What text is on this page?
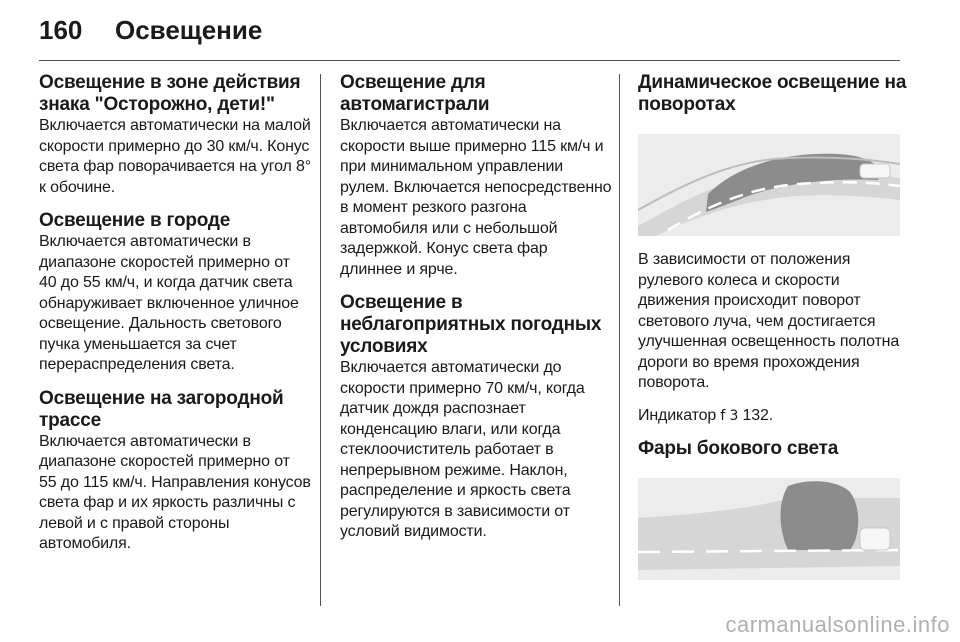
160	Освещение
Освещение в зоне действия знака "Осторожно, дети!"

Включается автоматически на малой скорости примерно до 30 км/ч. Конус света фар поворачивается на угол 8° к обочине.

Освещение в городе

Включается автоматически в диапазоне скоростей примерно от 40 до 55 км/ч, и когда датчик света обнаруживает включенное уличное освещение. Дальность светового пучка уменьшается за счет перераспределения света.

Освещение на загородной трассе

Включается автоматически в диапазоне скоростей примерно от 55 до 115 км/ч. Направления конусов света фар и их яркость различны с левой и с правой стороны автомобиля.

Освещение для автомагистрали

Включается автоматически на скорости выше примерно 115 км/ч и при минимальном управлении рулем. Включается непосредственно в момент резкого разгона автомобиля или с небольшой задержкой. Конус света фар длиннее и ярче.

Освещение в неблагоприятных погодных условиях

Включается автоматически до скорости примерно 70 км/ч, когда датчик дождя распознает конденсацию влаги, или когда стеклоочиститель работает в непрерывном режиме. Наклон, распределение и яркость света регулируются в зависимости от условий видимости.

Динамическое освещение на поворотах

В зависимости от положения рулевого колеса и скорости движения происходит поворот светового луча, чем достигается улучшенная освещенность полотна дороги во время прохождения поворота.

Индикатор f 3 132.

Фары бокового света
carmanualsonline.info
